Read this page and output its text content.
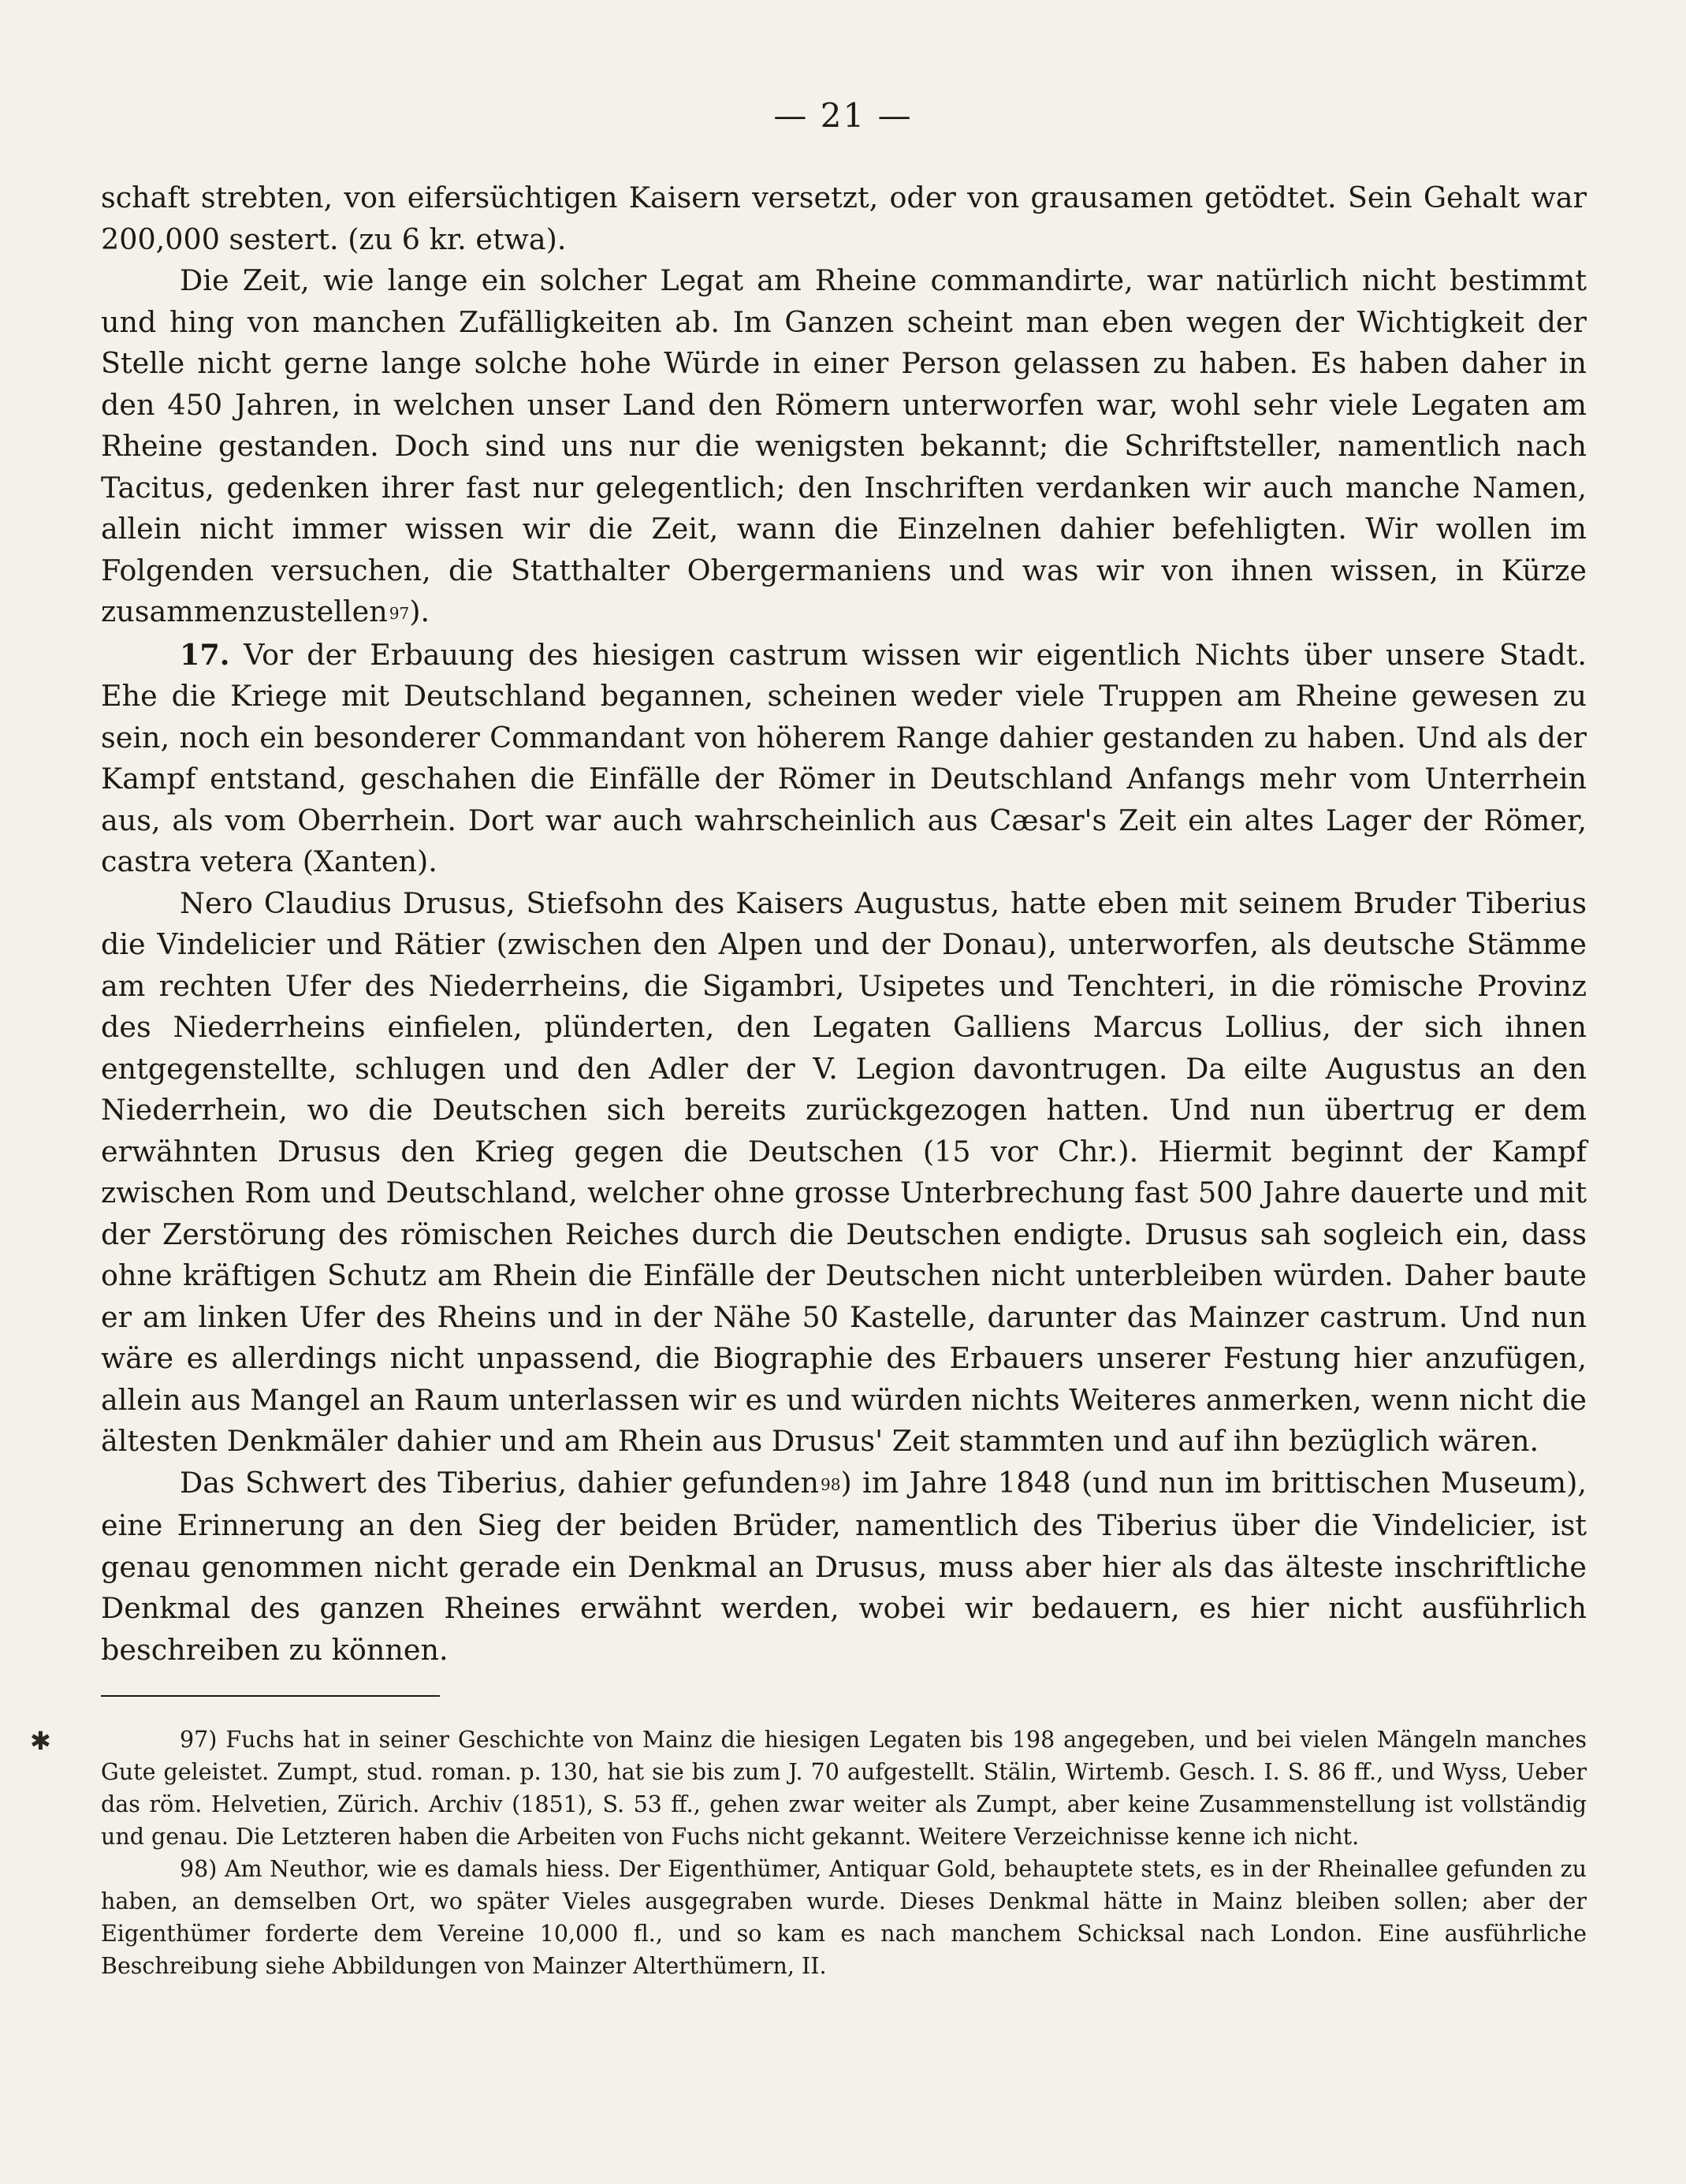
— 21 —

schaft strebten, von eifersüchtigen Kaisern versetzt, oder von grausamen getödtet. Sein Gehalt war 200,000 sestert. (zu 6 kr. etwa).

Die Zeit, wie lange ein solcher Legat am Rheine commandirte, war natürlich nicht bestimmt und hing von manchen Zufälligkeiten ab. Im Ganzen scheint man eben wegen der Wichtigkeit der Stelle nicht gerne lange solche hohe Würde in einer Person gelassen zu haben. Es haben daher in den 450 Jahren, in welchen unser Land den Römern unterworfen war, wohl sehr viele Legaten am Rheine gestanden. Doch sind uns nur die wenigsten bekannt; die Schriftsteller, namentlich nach Tacitus, gedenken ihrer fast nur gelegentlich; den Inschriften verdanken wir auch manche Namen, allein nicht immer wissen wir die Zeit, wann die Einzelnen dahier befehligten. Wir wollen im Folgenden versuchen, die Statthalter Obergermaniens und was wir von ihnen wissen, in Kürze zusammenzustellen97).

17. Vor der Erbauung des hiesigen castrum wissen wir eigentlich Nichts über unsere Stadt. Ehe die Kriege mit Deutschland begannen, scheinen weder viele Truppen am Rheine gewesen zu sein, noch ein besonderer Commandant von höherem Range dahier gestanden zu haben. Und als der Kampf entstand, geschahen die Einfälle der Römer in Deutschland Anfangs mehr vom Unterrhein aus, als vom Oberrhein. Dort war auch wahrscheinlich aus Cæsar's Zeit ein altes Lager der Römer, castra vetera (Xanten).

Nero Claudius Drusus, Stiefsohn des Kaisers Augustus, hatte eben mit seinem Bruder Tiberius die Vindelicier und Rätier (zwischen den Alpen und der Donau), unterworfen, als deutsche Stämme am rechten Ufer des Niederrheins, die Sigambri, Usipetes und Tenchteri, in die römische Provinz des Niederrheins einfielen, plünderten, den Legaten Galliens Marcus Lollius, der sich ihnen entgegenstellte, schlugen und den Adler der V. Legion davontrugen. Da eilte Augustus an den Niederrhein, wo die Deutschen sich bereits zurückgezogen hatten. Und nun übertrug er dem erwähnten Drusus den Krieg gegen die Deutschen (15 vor Chr.). Hiermit beginnt der Kampf zwischen Rom und Deutschland, welcher ohne grosse Unterbrechung fast 500 Jahre dauerte und mit der Zerstörung des römischen Reiches durch die Deutschen endigte. Drusus sah sogleich ein, dass ohne kräftigen Schutz am Rhein die Einfälle der Deutschen nicht unterbleiben würden. Daher baute er am linken Ufer des Rheins und in der Nähe 50 Kastelle, darunter das Mainzer castrum. Und nun wäre es allerdings nicht unpassend, die Biographie des Erbauers unserer Festung hier anzufügen, allein aus Mangel an Raum unterlassen wir es und würden nichts Weiteres anmerken, wenn nicht die ältesten Denkmäler dahier und am Rhein aus Drusus' Zeit stammten und auf ihn bezüglich wären.

Das Schwert des Tiberius, dahier gefunden98) im Jahre 1848 (und nun im brittischen Museum), eine Erinnerung an den Sieg der beiden Brüder, namentlich des Tiberius über die Vindelicier, ist genau genommen nicht gerade ein Denkmal an Drusus, muss aber hier als das älteste inschriftliche Denkmal des ganzen Rheines erwähnt werden, wobei wir bedauern, es hier nicht ausführlich beschreiben zu können.

✱	97) Fuchs hat in seiner Geschichte von Mainz die hiesigen Legaten bis 198 angegeben, und bei vielen Mängeln manches Gute geleistet. Zumpt, stud. roman. p. 130, hat sie bis zum J. 70 aufgestellt. Stälin, Wirtemb. Gesch. I. S. 86 ff., und Wyss, Ueber das röm. Helvetien, Zürich. Archiv (1851), S. 53 ff., gehen zwar weiter als Zumpt, aber keine Zusammenstellung ist vollständig und genau. Die Letzteren haben die Arbeiten von Fuchs nicht gekannt. Weitere Verzeichnisse kenne ich nicht.

98) Am Neuthor, wie es damals hiess. Der Eigenthümer, Antiquar Gold, behauptete stets, es in der Rheinallee gefunden zu haben, an demselben Ort, wo später Vieles ausgegraben wurde. Dieses Denkmal hätte in Mainz bleiben sollen; aber der Eigenthümer forderte dem Vereine 10,000 fl., und so kam es nach manchem Schicksal nach London. Eine ausführliche Beschreibung siehe Abbildungen von Mainzer Alterthümern, II.
